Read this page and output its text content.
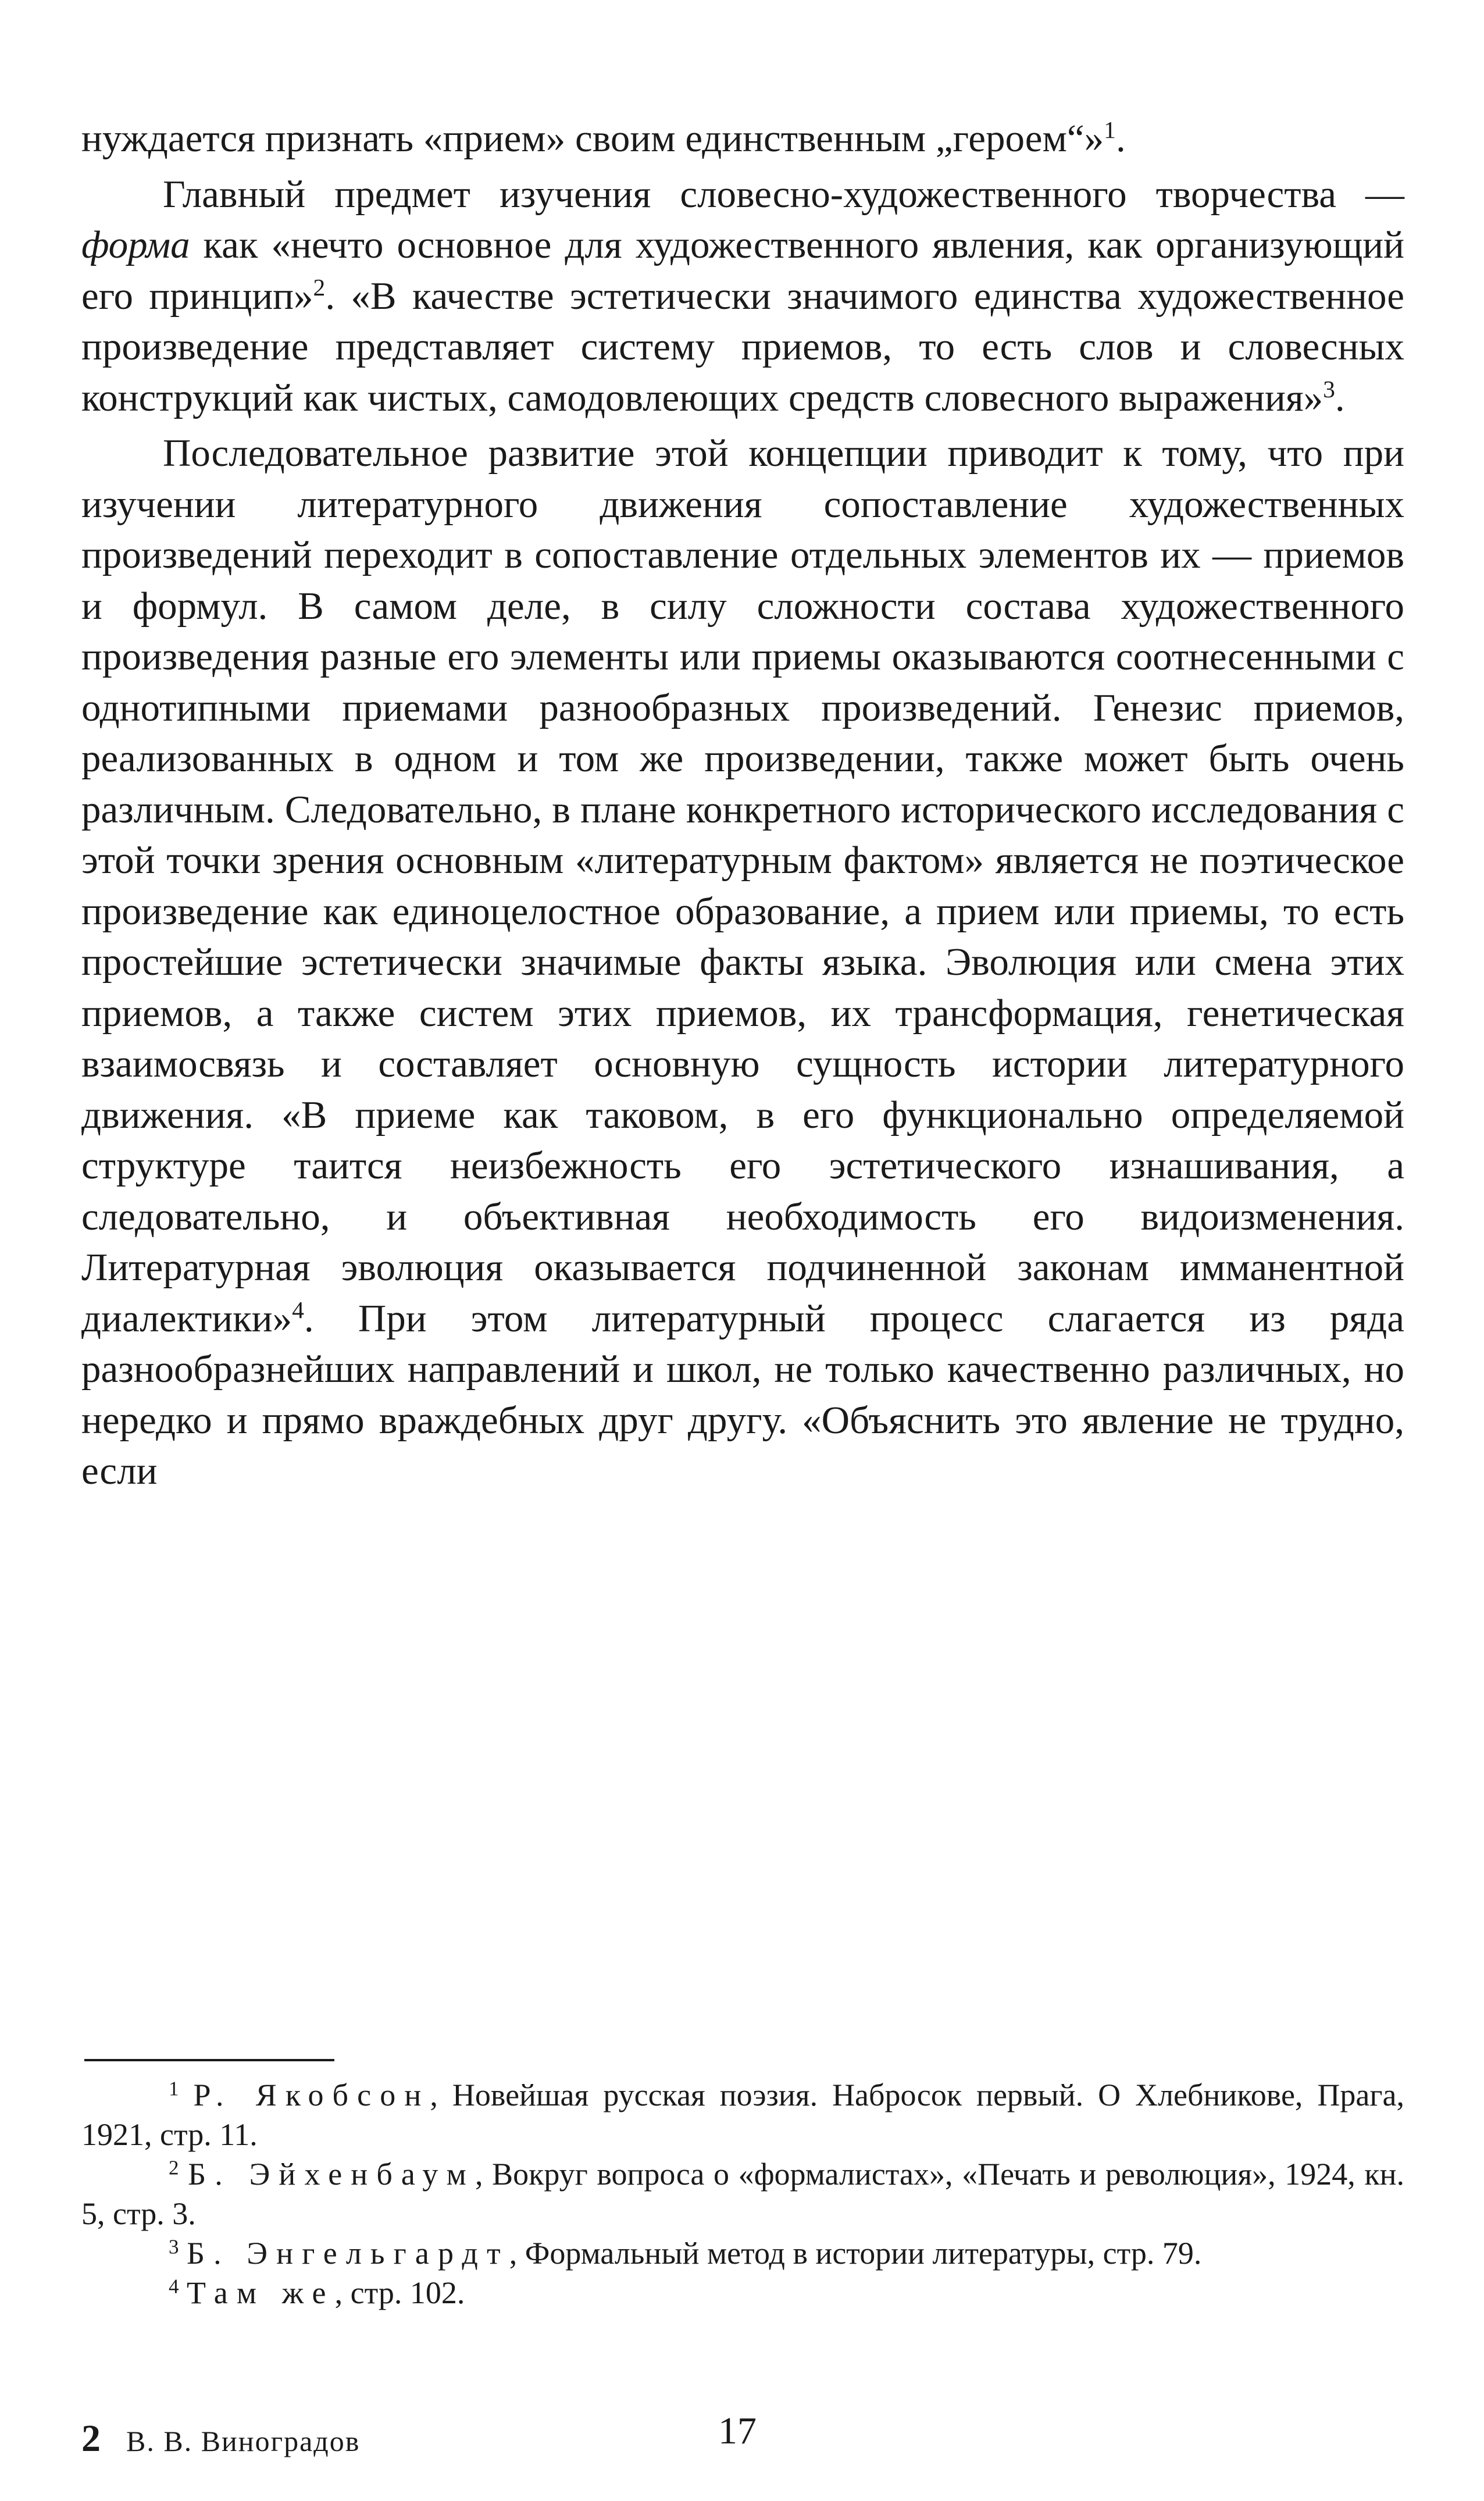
нуждается признать «прием» своим единственным „героем“»$^1$.

Главный предмет изучения словесно-художественного творчества — форма как «нечто основное для художественного явления, как организующий его принцип»$^2$. «В качестве эстетически значимого единства художественное произведение представляет систему приемов, то есть слов и словесных конструкций как чистых, самодовлеющих средств словесного выражения»$^3$.

Последовательное развитие этой концепции приводит к тому, что при изучении литературного движения сопоставление художественных произведений переходит в сопоставление отдельных элементов их — приемов и формул. В самом деле, в силу сложности состава художественного произведения разные его элементы или приемы оказываются соотнесенными с однотипными приемами разнообразных произведений. Генезис приемов, реализованных в одном и том же произведении, также может быть очень различным. Следовательно, в плане конкретного исторического исследования с этой точки зрения основным «литературным фактом» является не поэтическое произведение как единоцелостное образование, а прием или приемы, то есть простейшие эстетически значимые факты языка. Эволюция или смена этих приемов, а также систем этих приемов, их трансформация, генетическая взаимосвязь и составляет основную сущность истории литературного движения. «В приеме как таковом, в его функционально определяемой структуре таится неизбежность его эстетического изнашивания, а следовательно, и объективная необходимость его видоизменения. Литературная эволюция оказывается подчиненной законам имманентной диалектики»$^4$. При этом литературный процесс слагается из ряда разнообразнейших направлений и школ, не только качественно различных, но нередко и прямо враждебных друг другу. «Объяснить это явление не трудно, если

$^1$ Р. Якобсон, Новейшая русская поэзия. Набросок первый. О Хлебникове, Прага, 1921, стр. 11.

$^2$ Б. Эйхенбаум, Вокруг вопроса о «формалистах», «Печать и революция», 1924, кн. 5, стр. 3.

$^3$ Б. Энгельгардт, Формальный метод в истории литературы, стр. 79.

$^4$ Там же, стр. 102.

2 В. В. Виноградов	17
